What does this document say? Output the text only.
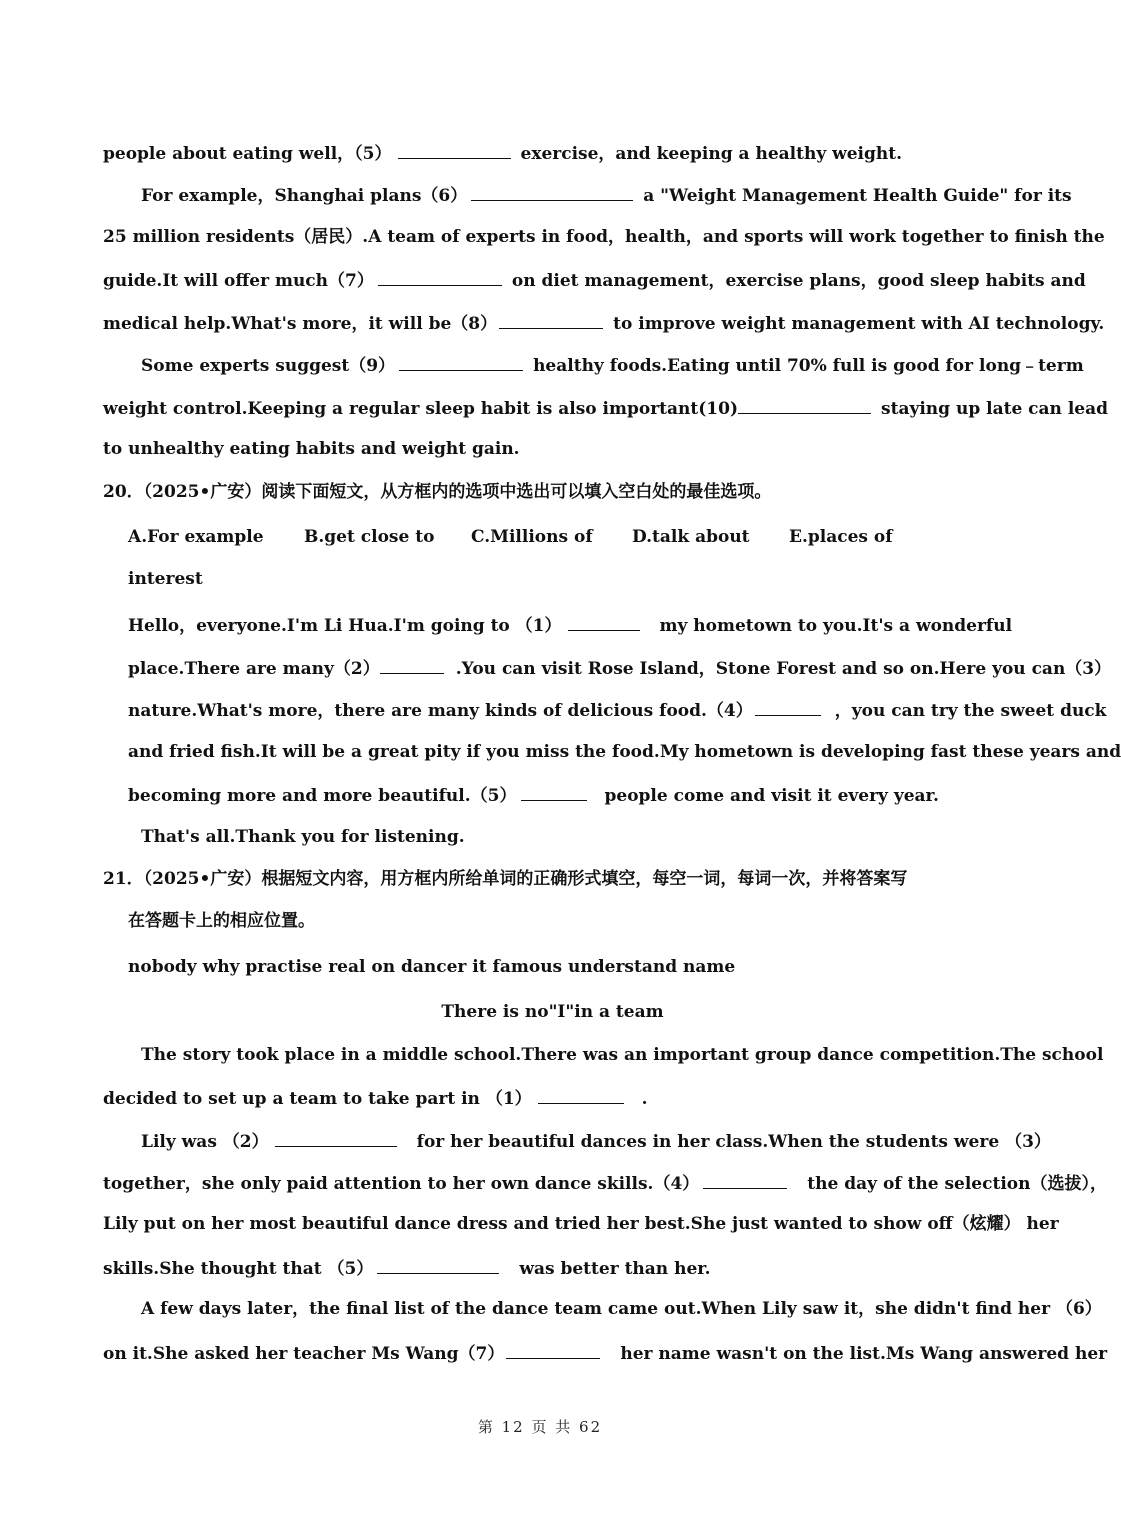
people about eating well，（5）	exercise，and keeping a healthy weight.
For example，Shanghai plans（6）	a "Weight Management Health Guide" for its
25 million residents（居民）.A team of experts in food，health，and sports will work together to finish the
guide.It will offer much（7）	on diet management，exercise plans，good sleep habits and
medical help.What's more，it will be（8）	to improve weight management with AI technology.
Some experts suggest（9）	healthy foods.Eating until 70% full is good for long﹣term
weight control.Keeping a regular sleep habit is also important(10)	staying up late can lead
to unhealthy eating habits and weight gain.
20．（2025•广安）阅读下面短文，从方框内的选项中选出可以填入空白处的最佳选项。
A.For example B.get close to C.Millions of D.talk about E.places of
interest
Hello，everyone.I'm Li Hua.I'm going to （1）	my hometown to you.It's a wonderful
place.There are many（2）	.You can visit Rose Island，Stone Forest and so on.Here you can（3）
nature.What's more，there are many kinds of delicious food.（4）	，you can try the sweet duck
and fried fish.It will be a great pity if you miss the food.My hometown is developing fast these years and
becoming more and more beautiful.（5）	people come and visit it every year.
That's all.Thank you for listening.
21．（2025•广安）根据短文内容，用方框内所给单词的正确形式填空，每空一词，每词一次，并将答案写
在答题卡上的相应位置。
nobody why practise real on dancer it famous understand name
There is no"I"in a team
The story took place in a middle school.There was an important group dance competition.The school
decided to set up a team to take part in （1）	.
Lily was （2）	for her beautiful dances in her class.When the students were （3）
together，she only paid attention to her own dance skills.（4）	the day of the selection（选拔），
Lily put on her most beautiful dance dress and tried her best.She just wanted to show off（炫耀） her
skills.She thought that （5）	was better than her.
A few days later，the final list of the dance team came out.When Lily saw it，she didn't find her （6）
on it.She asked her teacher Ms Wang（7）	her name wasn't on the list.Ms Wang answered her
第 12 页 共 62
